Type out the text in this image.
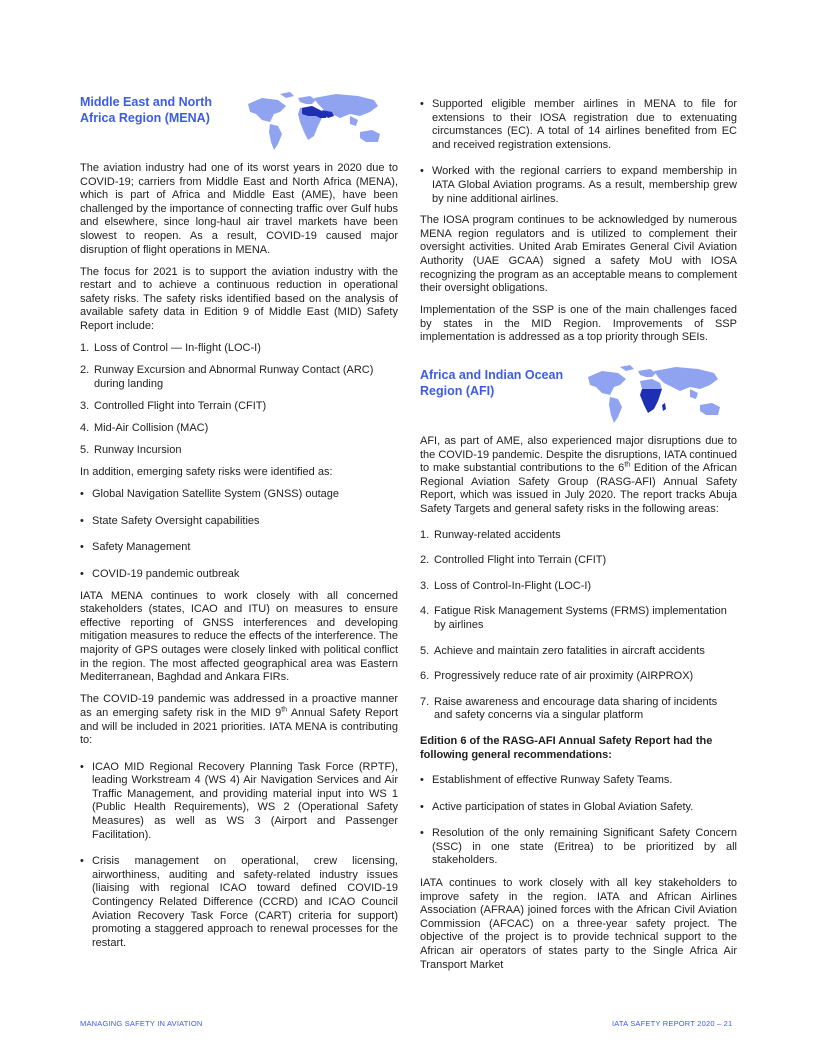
Middle East and North Africa Region (MENA)

The aviation industry had one of its worst years in 2020 due to COVID-19; carriers from Middle East and North Africa (MENA), which is part of Africa and Middle East (AME), have been challenged by the importance of connecting traffic over Gulf hubs and elsewhere, since long-haul air travel markets have been slowest to reopen. As a result, COVID-19 caused major disruption of flight operations in MENA.

The focus for 2021 is to support the aviation industry with the restart and to achieve a continuous reduction in operational safety risks. The safety risks identified based on the analysis of available safety data in Edition 9 of Middle East (MID) Safety Report include:

1. Loss of Control — In-flight (LOC-I)
2. Runway Excursion and Abnormal Runway Contact (ARC) during landing
3. Controlled Flight into Terrain (CFIT)
4. Mid-Air Collision (MAC)
5. Runway Incursion

In addition, emerging safety risks were identified as:

• Global Navigation Satellite System (GNSS) outage
• State Safety Oversight capabilities
• Safety Management
• COVID-19 pandemic outbreak

IATA MENA continues to work closely with all concerned stakeholders (states, ICAO and ITU) on measures to ensure effective reporting of GNSS interferences and developing mitigation measures to reduce the effects of the interference. The majority of GPS outages were closely linked with political conflict in the region. The most affected geographical area was Eastern Mediterranean, Baghdad and Ankara FIRs.

The COVID-19 pandemic was addressed in a proactive manner as an emerging safety risk in the MID 9th Annual Safety Report and will be included in 2021 priorities. IATA MENA is contributing to:

• ICAO MID Regional Recovery Planning Task Force (RPTF), leading Workstream 4 (WS 4) Air Navigation Services and Air Traffic Management, and providing material input into WS 1 (Public Health Requirements), WS 2 (Operational Safety Measures) as well as WS 3 (Airport and Passenger Facilitation).
• Crisis management on operational, crew licensing, airworthiness, auditing and safety-related industry issues (liaising with regional ICAO toward defined COVID-19 Contingency Related Difference (CCRD) and ICAO Council Aviation Recovery Task Force (CART) criteria for support) promoting a staggered approach to renewal processes for the restart.
• Supported eligible member airlines in MENA to file for extensions to their IOSA registration due to extenuating circumstances (EC). A total of 14 airlines benefited from EC and received registration extensions.
• Worked with the regional carriers to expand membership in IATA Global Aviation programs. As a result, membership grew by nine additional airlines.

The IOSA program continues to be acknowledged by numerous MENA region regulators and is utilized to complement their oversight activities. United Arab Emirates General Civil Aviation Authority (UAE GCAA) signed a safety MoU with IOSA recognizing the program as an acceptable means to complement their oversight obligations.

Implementation of the SSP is one of the main challenges faced by states in the MID Region. Improvements of SSP implementation is addressed as a top priority through SEIs.

Africa and Indian Ocean Region (AFI)

AFI, as part of AME, also experienced major disruptions due to the COVID-19 pandemic. Despite the disruptions, IATA continued to make substantial contributions to the 6th Edition of the African Regional Aviation Safety Group (RASG-AFI) Annual Safety Report, which was issued in July 2020. The report tracks Abuja Safety Targets and general safety risks in the following areas:

1. Runway-related accidents
2. Controlled Flight into Terrain (CFIT)
3. Loss of Control-In-Flight (LOC-I)
4. Fatigue Risk Management Systems (FRMS) implementation by airlines
5. Achieve and maintain zero fatalities in aircraft accidents
6. Progressively reduce rate of air proximity (AIRPROX)
7. Raise awareness and encourage data sharing of incidents and safety concerns via a singular platform

Edition 6 of the RASG-AFI Annual Safety Report had the following general recommendations:

• Establishment of effective Runway Safety Teams.
• Active participation of states in Global Aviation Safety.
• Resolution of the only remaining Significant Safety Concern (SSC) in one state (Eritrea) to be prioritized by all stakeholders.

IATA continues to work closely with all key stakeholders to improve safety in the region. IATA and African Airlines Association (AFRAA) joined forces with the African Civil Aviation Commission (AFCAC) on a three-year safety project. The objective of the project is to provide technical support to the African air operators of states party to the Single Africa Air Transport Market

MANAGING SAFETY IN AVIATION	IATA SAFETY REPORT 2020 – 21
